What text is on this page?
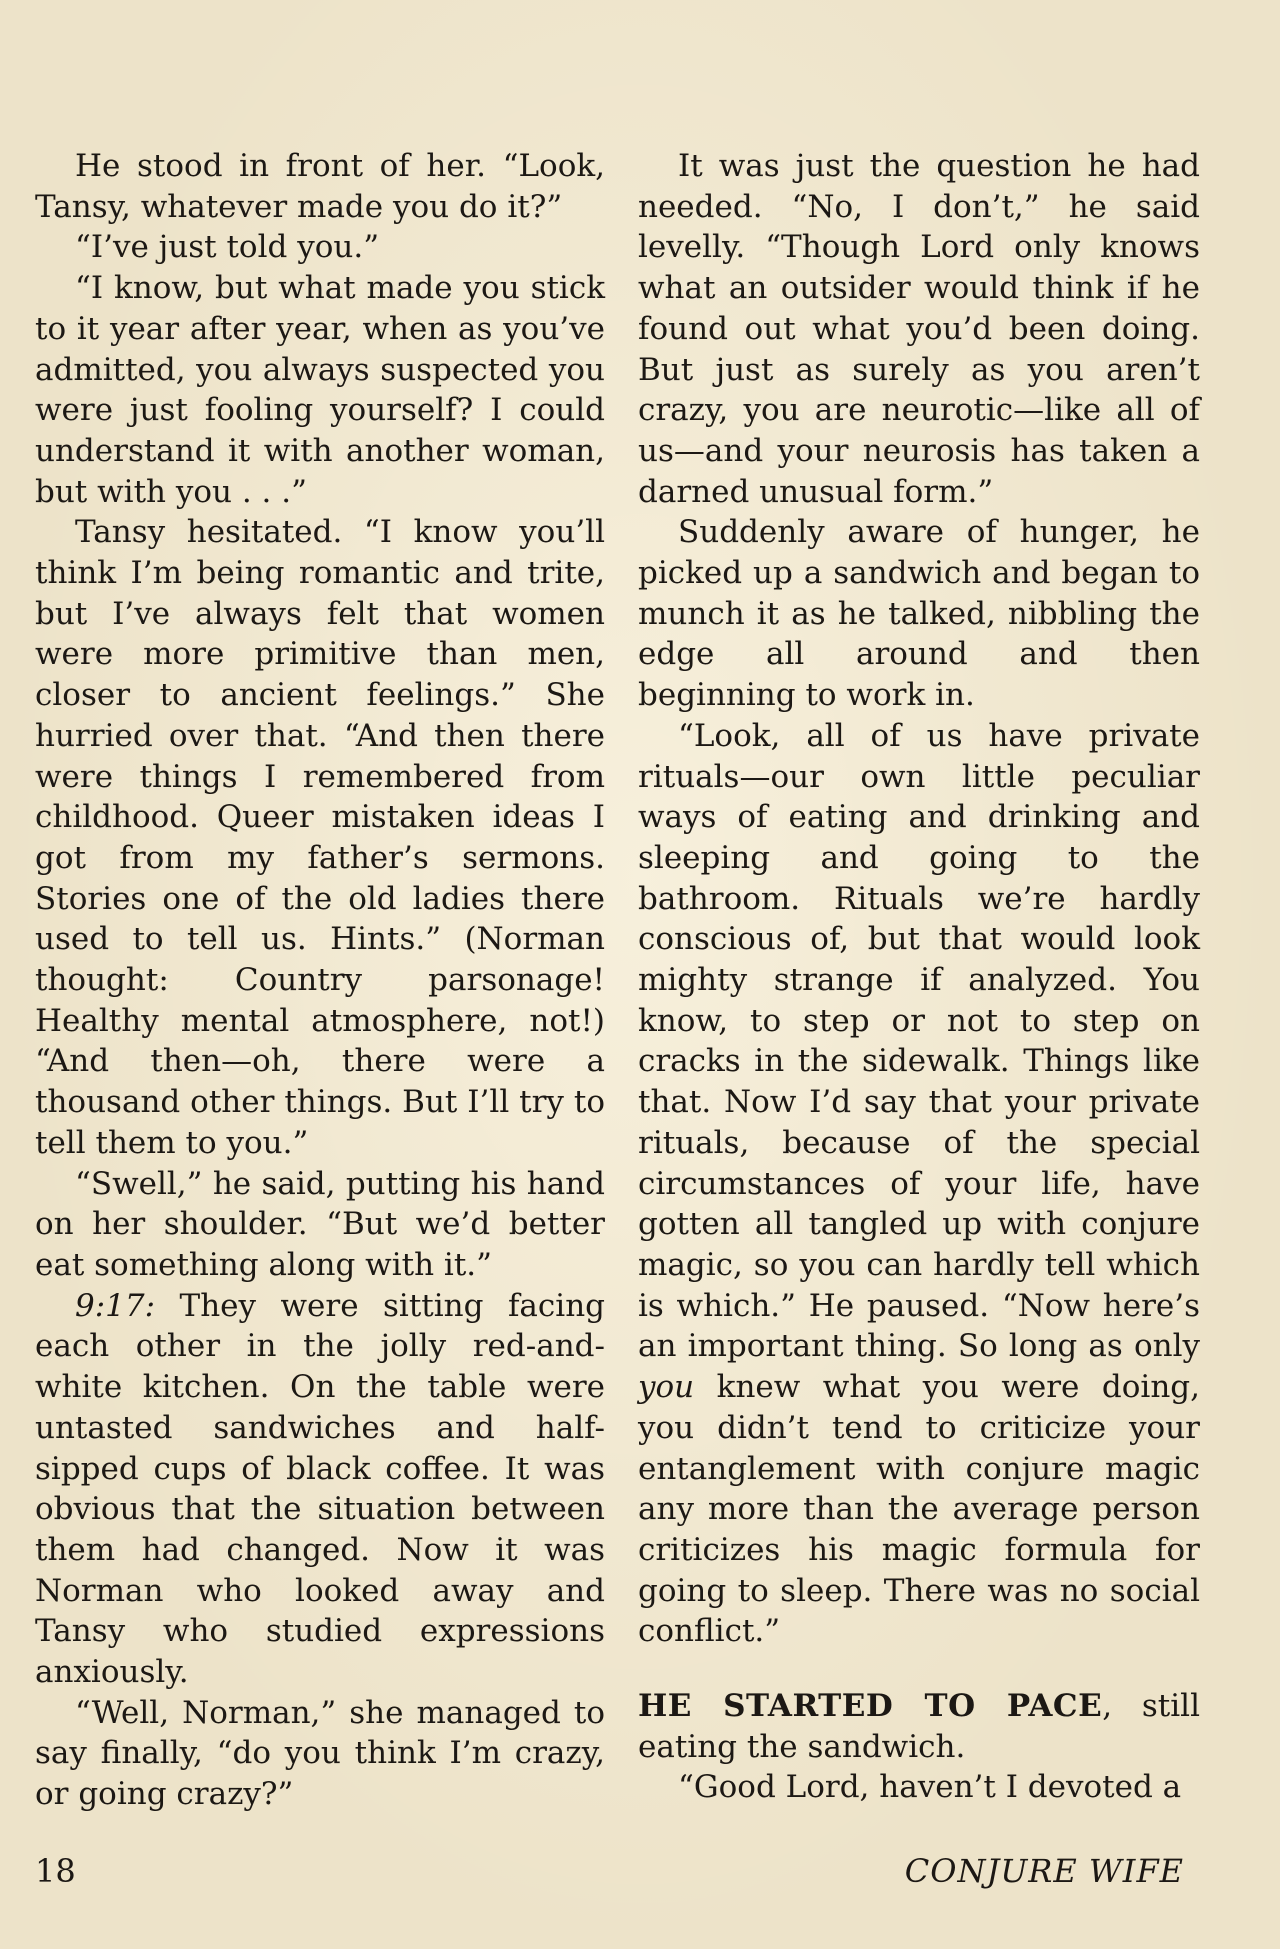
He stood in front of her. “Look, Tansy, whatever made you do it?”

“I’ve just told you.”

“I know, but what made you stick to it year after year, when as you’ve admitted, you always suspected you were just fooling yourself? I could understand it with another woman, but with you . . .”

Tansy hesitated. “I know you’ll think I’m being romantic and trite, but I’ve always felt that women were more primitive than men, closer to ancient feelings.” She hurried over that. “And then there were things I remembered from childhood. Queer mistaken ideas I got from my father’s sermons. Stories one of the old ladies there used to tell us. Hints.” (Norman thought: Country parsonage! Healthy mental atmosphere, not!) “And then—oh, there were a thousand other things. But I’ll try to tell them to you.”

“Swell,” he said, putting his hand on her shoulder. “But we’d better eat something along with it.”

9:17: They were sitting facing each other in the jolly red-and-white kitchen. On the table were untasted sandwiches and half-sipped cups of black coffee. It was obvious that the situation between them had changed. Now it was Norman who looked away and Tansy who studied expressions anxiously.

“Well, Norman,” she managed to say finally, “do you think I’m crazy, or going crazy?”

It was just the question he had needed. “No, I don’t,” he said levelly. “Though Lord only knows what an outsider would think if he found out what you’d been doing. But just as surely as you aren’t crazy, you are neurotic—like all of us—and your neurosis has taken a darned unusual form.”

Suddenly aware of hunger, he picked up a sandwich and began to munch it as he talked, nibbling the edge all around and then beginning to work in.

“Look, all of us have private rituals—our own little peculiar ways of eating and drinking and sleeping and going to the bathroom. Rituals we’re hardly conscious of, but that would look mighty strange if analyzed. You know, to step or not to step on cracks in the sidewalk. Things like that. Now I’d say that your private rituals, because of the special circumstances of your life, have gotten all tangled up with conjure magic, so you can hardly tell which is which.” He paused. “Now here’s an important thing. So long as only you knew what you were doing, you didn’t tend to criticize your entanglement with conjure magic any more than the average person criticizes his magic formula for going to sleep. There was no social conflict.”

HE STARTED TO PACE, still eating the sandwich.

“Good Lord, haven’t I devoted a

18	CONJURE WIFE
